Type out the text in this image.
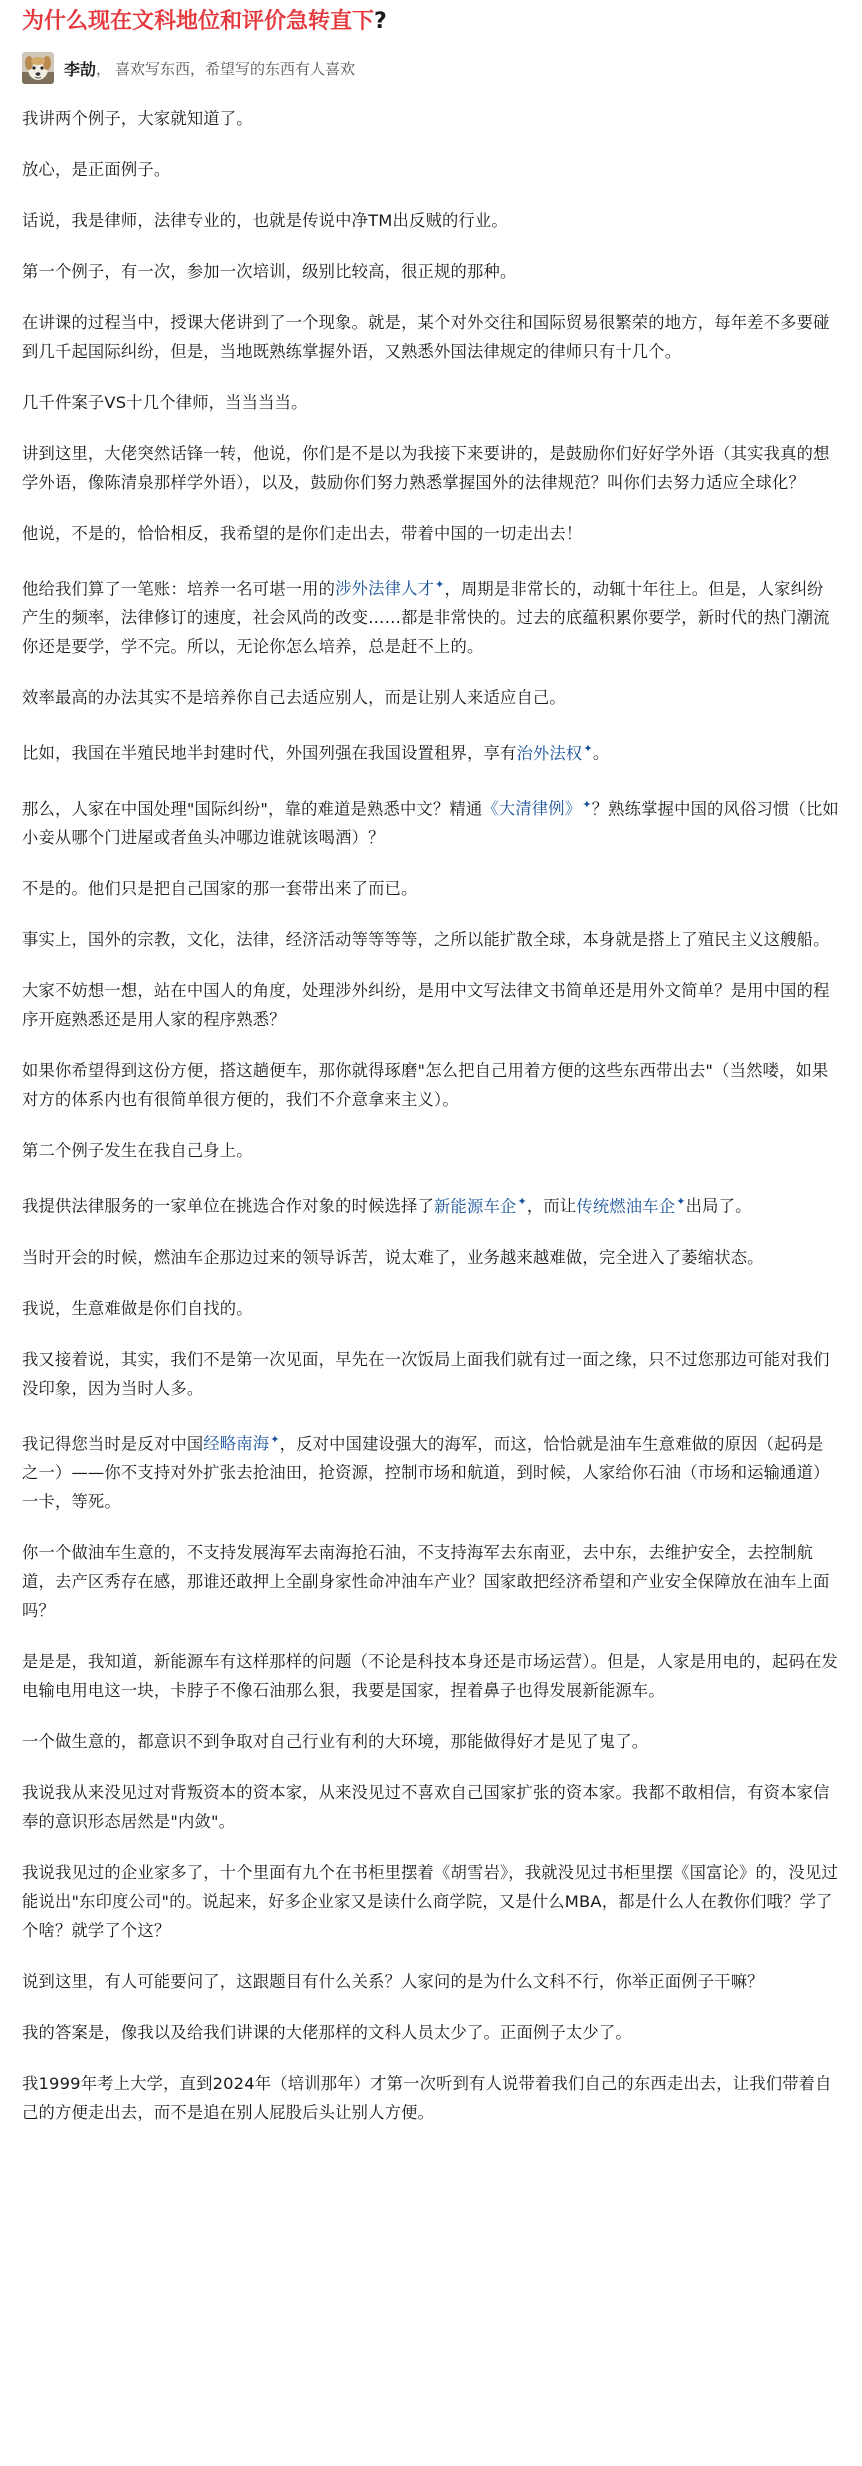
为什么现在文科地位和评价急转直下?
李劼 ， 喜欢写东西，希望写的东西有人喜欢

我讲两个例子，大家就知道了。

放心，是正面例子。

话说，我是律师，法律专业的，也就是传说中净TM出反贼的行业。

第一个例子，有一次，参加一次培训，级别比较高，很正规的那种。

在讲课的过程当中，授课大佬讲到了一个现象。就是，某个对外交往和国际贸易很繁荣的地方，每年差不多要碰到几千起国际纠纷，但是，当地既熟练掌握外语，又熟悉外国法律规定的律师只有十几个。

几千件案子VS十几个律师，当当当当。

讲到这里，大佬突然话锋一转，他说，你们是不是以为我接下来要讲的，是鼓励你们好好学外语（其实我真的想学外语，像陈清泉那样学外语），以及，鼓励你们努力熟悉掌握国外的法律规范？叫你们去努力适应全球化？

他说，不是的，恰恰相反，我希望的是你们走出去，带着中国的一切走出去！

他给我们算了一笔账：培养一名可堪一用的涉外法律人才✦，周期是非常长的，动辄十年往上。但是，人家纠纷产生的频率，法律修订的速度，社会风尚的改变……都是非常快的。过去的底蕴积累你要学，新时代的热门潮流你还是要学，学不完。所以，无论你怎么培养，总是赶不上的。

效率最高的办法其实不是培养你自己去适应别人，而是让别人来适应自己。

比如，我国在半殖民地半封建时代，外国列强在我国设置租界，享有治外法权✦。

那么，人家在中国处理"国际纠纷"，靠的难道是熟悉中文？精通《大清律例》✦？熟练掌握中国的风俗习惯（比如小妾从哪个门进屋或者鱼头冲哪边谁就该喝酒）？

不是的。他们只是把自己国家的那一套带出来了而已。

事实上，国外的宗教，文化，法律，经济活动等等等等，之所以能扩散全球，本身就是搭上了殖民主义这艘船。

大家不妨想一想，站在中国人的角度，处理涉外纠纷，是用中文写法律文书简单还是用外文简单？是用中国的程序开庭熟悉还是用人家的程序熟悉？

如果你希望得到这份方便，搭这趟便车，那你就得琢磨"怎么把自己用着方便的这些东西带出去"（当然喽，如果对方的体系内也有很简单很方便的，我们不介意拿来主义）。

第二个例子发生在我自己身上。

我提供法律服务的一家单位在挑选合作对象的时候选择了新能源车企✦，而让传统燃油车企✦出局了。

当时开会的时候，燃油车企那边过来的领导诉苦，说太难了，业务越来越难做，完全进入了萎缩状态。

我说，生意难做是你们自找的。

我又接着说，其实，我们不是第一次见面，早先在一次饭局上面我们就有过一面之缘，只不过您那边可能对我们没印象，因为当时人多。

我记得您当时是反对中国经略南海✦，反对中国建设强大的海军，而这，恰恰就是油车生意难做的原因（起码是之一）——你不支持对外扩张去抢油田，抢资源，控制市场和航道，到时候，人家给你石油（市场和运输通道）一卡，等死。

你一个做油车生意的，不支持发展海军去南海抢石油，不支持海军去东南亚，去中东，去维护安全，去控制航道，去产区秀存在感，那谁还敢押上全副身家性命冲油车产业？国家敢把经济希望和产业安全保障放在油车上面吗？

是是是，我知道，新能源车有这样那样的问题（不论是科技本身还是市场运营）。但是，人家是用电的，起码在发电输电用电这一块，卡脖子不像石油那么狠，我要是国家，捏着鼻子也得发展新能源车。

一个做生意的，都意识不到争取对自己行业有利的大环境，那能做得好才是见了鬼了。

我说我从来没见过对背叛资本的资本家，从来没见过不喜欢自己国家扩张的资本家。我都不敢相信，有资本家信奉的意识形态居然是"内敛"。

我说我见过的企业家多了，十个里面有九个在书柜里摆着《胡雪岩》，我就没见过书柜里摆《国富论》的，没见过能说出"东印度公司"的。说起来，好多企业家又是读什么商学院，又是什么MBA，都是什么人在教你们哦？学了个啥？就学了个这？

说到这里，有人可能要问了，这跟题目有什么关系？人家问的是为什么文科不行，你举正面例子干嘛？

我的答案是，像我以及给我们讲课的大佬那样的文科人员太少了。正面例子太少了。

我1999年考上大学，直到2024年（培训那年）才第一次听到有人说带着我们自己的东西走出去，让我们带着自己的方便走出去，而不是追在别人屁股后头让别人方便。
